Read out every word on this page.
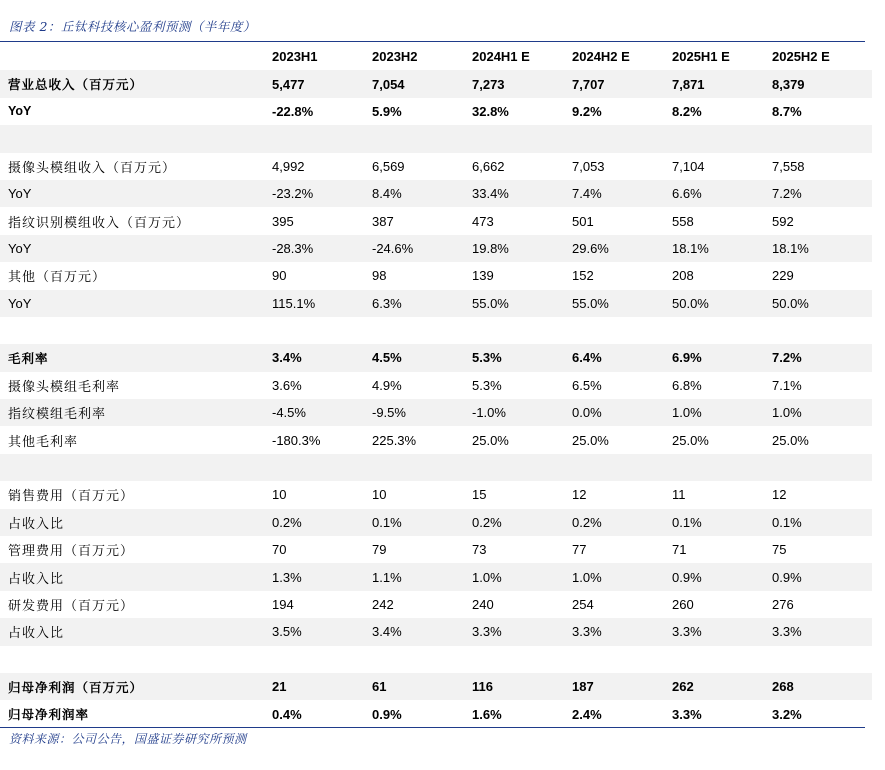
图表 2：丘钛科技核心盈利预测（半年度）
	2023H1	2023H2	2024H1 E	2024H2 E	2025H1 E	2025H2 E
营业总收入（百万元）	5,477	7,054	7,273	7,707	7,871	8,379
YoY	-22.8%	5.9%	32.8%	9.2%	8.2%	8.7%

摄像头模组收入（百万元）	4,992	6,569	6,662	7,053	7,104	7,558
YoY	-23.2%	8.4%	33.4%	7.4%	6.6%	7.2%
指纹识别模组收入（百万元）	395	387	473	501	558	592
YoY	-28.3%	-24.6%	19.8%	29.6%	18.1%	18.1%
其他（百万元）	90	98	139	152	208	229
YoY	115.1%	6.3%	55.0%	55.0%	50.0%	50.0%

毛利率	3.4%	4.5%	5.3%	6.4%	6.9%	7.2%
摄像头模组毛利率	3.6%	4.9%	5.3%	6.5%	6.8%	7.1%
指纹模组毛利率	-4.5%	-9.5%	-1.0%	0.0%	1.0%	1.0%
其他毛利率	-180.3%	225.3%	25.0%	25.0%	25.0%	25.0%

销售费用（百万元）	10	10	15	12	11	12
占收入比	0.2%	0.1%	0.2%	0.2%	0.1%	0.1%
管理费用（百万元）	70	79	73	77	71	75
占收入比	1.3%	1.1%	1.0%	1.0%	0.9%	0.9%
研发费用（百万元）	194	242	240	254	260	276
占收入比	3.5%	3.4%	3.3%	3.3%	3.3%	3.3%

归母净利润（百万元）	21	61	116	187	262	268
归母净利润率	0.4%	0.9%	1.6%	2.4%	3.3%	3.2%
资料来源：公司公告，国盛证券研究所预测
